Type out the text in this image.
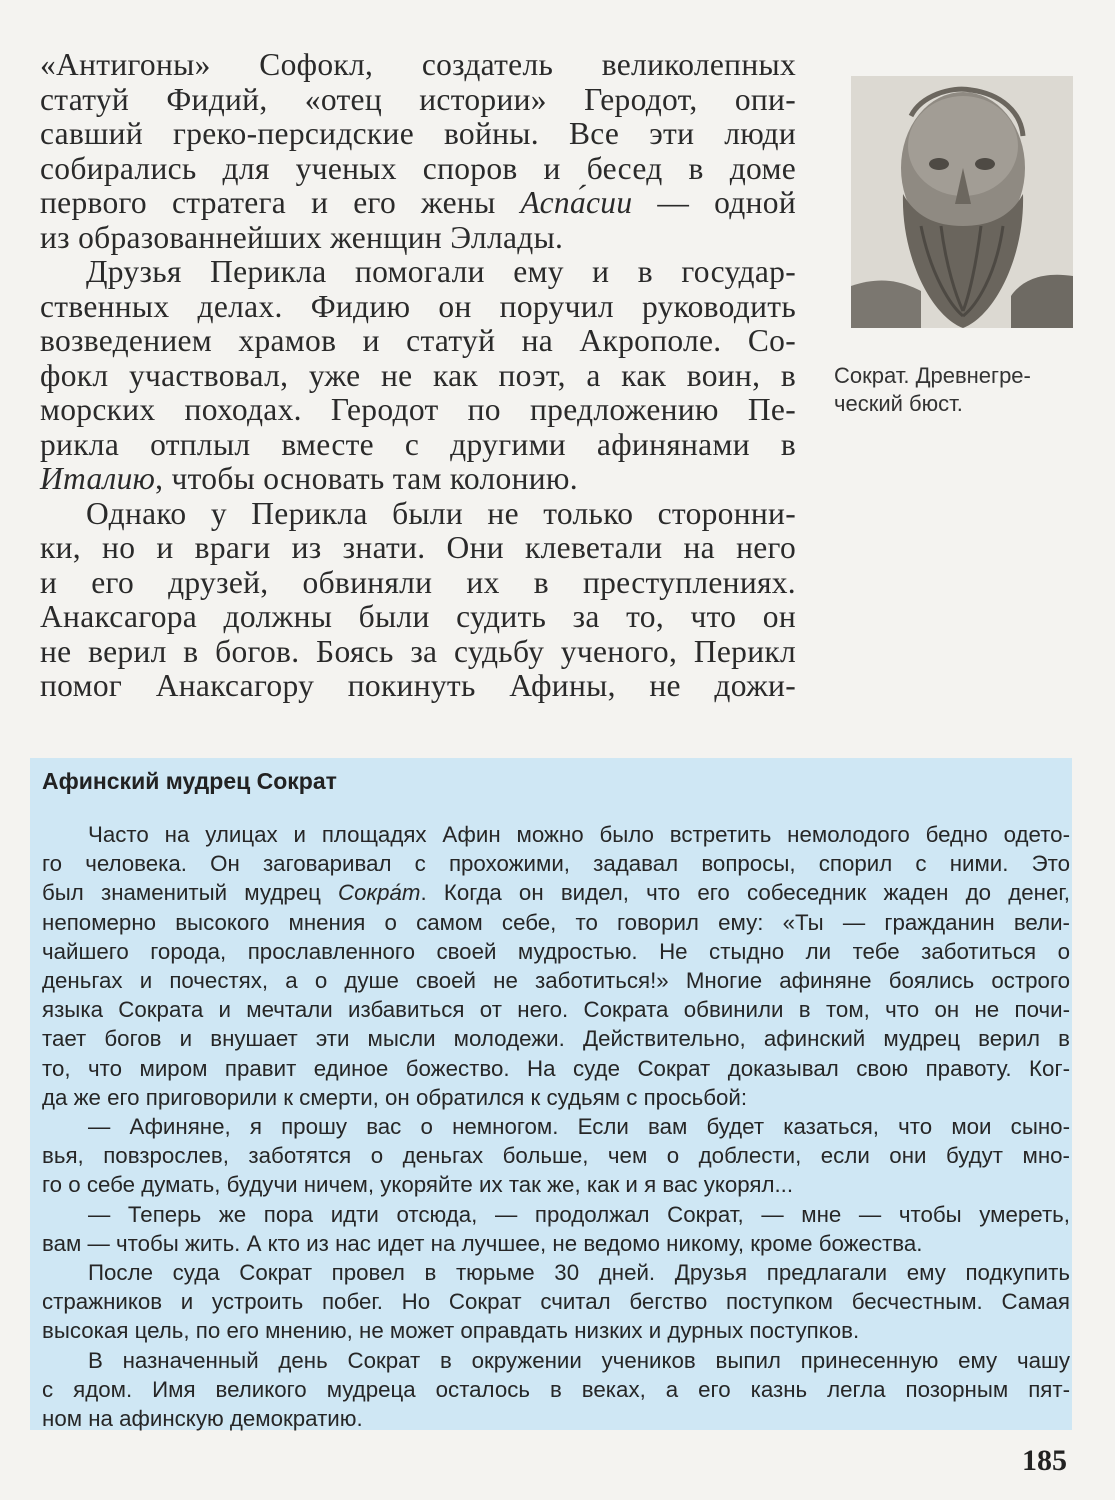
«Антигоны» Софокл, создатель великолепных
статуй Фидий, «отец истории» Геродот, опи-
савший греко-персидские войны. Все эти люди
собирались для ученых споров и бесед в доме
первого стратега и его жены Аспа́сии — одной
из образованнейших женщин Эллады.

Друзья Перикла помогали ему и в государ-
ственных делах. Фидию он поручил руководить
возведением храмов и статуй на Акрополе. Со-
фокл участвовал, уже не как поэт, а как воин, в
морских походах. Геродот по предложению Пе-
рикла отплыл вместе с другими афинянами в
Италию, чтобы основать там колонию.

Однако у Перикла были не только сторонни-
ки, но и враги из знати. Они клеветали на него
и его друзей, обвиняли их в преступлениях.
Анаксагора должны были судить за то, что он
не верил в богов. Боясь за судьбу ученого, Перикл
помог Анаксагору покинуть Афины, не дожи-

Сократ. Древнегре-
ческий бюст.
Афинский мудрец Сократ
Часто на улицах и площадях Афин можно было встретить немолодого бедно одето-
го человека. Он заговаривал с прохожими, задавал вопросы, спорил с ними. Это
был знаменитый мудрец Сокра́т. Когда он видел, что его собеседник жаден до денег,
непомерно высокого мнения о самом себе, то говорил ему: «Ты — гражданин вели-
чайшего города, прославленного своей мудростью. Не стыдно ли тебе заботиться о
деньгах и почестях, а о душе своей не заботиться!» Многие афиняне боялись острого
языка Сократа и мечтали избавиться от него. Сократа обвинили в том, что он не почи-
тает богов и внушает эти мысли молодежи. Действительно, афинский мудрец верил в
то, что миром правит единое божество. На суде Сократ доказывал свою правоту. Ког-
да же его приговорили к смерти, он обратился к судьям с просьбой:
— Афиняне, я прошу вас о немногом. Если вам будет казаться, что мои сыно-
вья, повзрослев, заботятся о деньгах больше, чем о доблести, если они будут мно-
го о себе думать, будучи ничем, укоряйте их так же, как и я вас укорял...
— Теперь же пора идти отсюда, — продолжал Сократ, — мне — чтобы умереть,
вам — чтобы жить. А кто из нас идет на лучшее, не ведомо никому, кроме божества.
После суда Сократ провел в тюрьме 30 дней. Друзья предлагали ему подкупить
стражников и устроить побег. Но Сократ считал бегство поступком бесчестным. Самая
высокая цель, по его мнению, не может оправдать низких и дурных поступков.
В назначенный день Сократ в окружении учеников выпил принесенную ему чашу
с ядом. Имя великого мудреца осталось в веках, а его казнь легла позорным пят-
ном на афинскую демократию.
185
